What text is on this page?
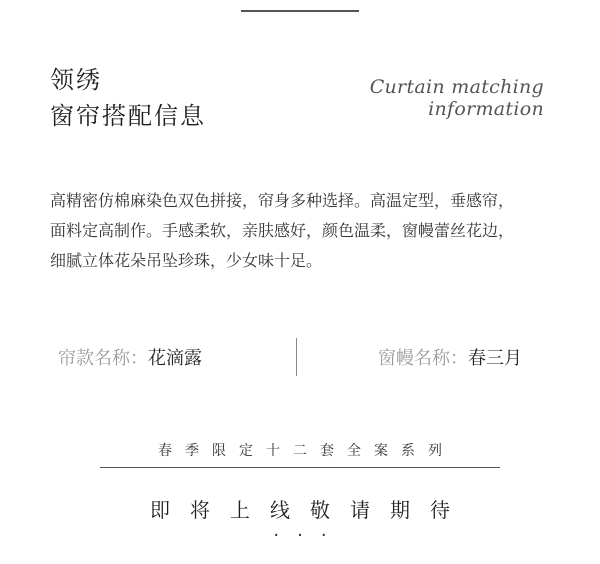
领绣
窗帘搭配信息
Curtain matching
information
高精密仿棉麻染色双色拼接，帘身多种选择。高温定型，垂感帘，
面料定高制作。手感柔软，亲肤感好，颜色温柔，窗幔蕾丝花边，
细腻立体花朵吊坠珍珠，少女味十足。
帘款名称：花滴露	窗幔名称：春三月
春季限定十二套全案系列
即将上线敬请期待
···
